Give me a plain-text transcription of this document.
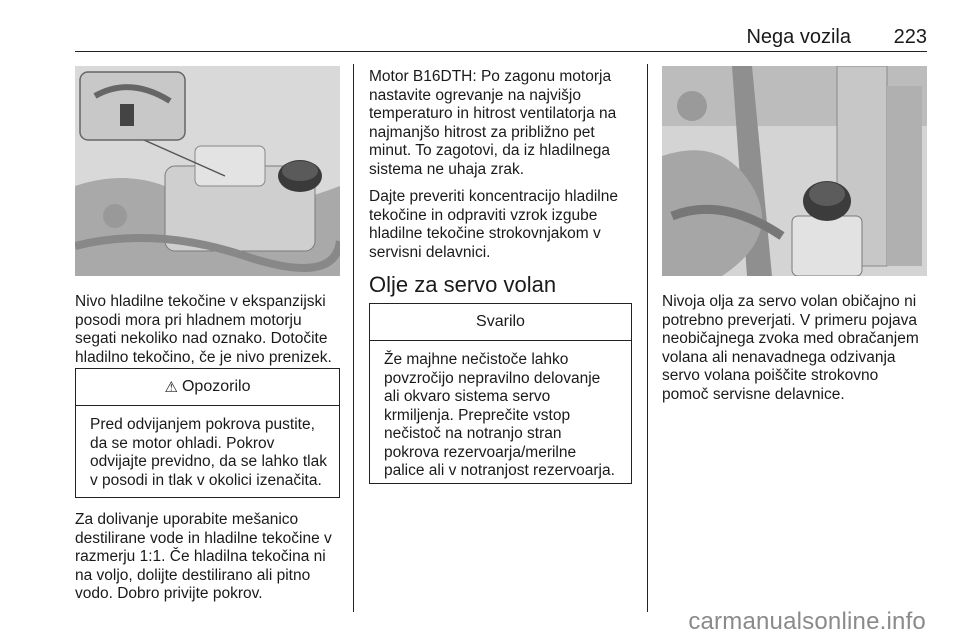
Nega vozila 223

Nivo hladilne tekočine v ekspanzijski posodi mora pri hladnem motorju segati nekoliko nad oznako. Dotočite hladilno tekočino, če je nivo prenizek.

⚠ Opozorilo
Pred odvijanjem pokrova pustite, da se motor ohladi. Pokrov odvijajte previdno, da se lahko tlak v posodi in tlak v okolici izenačita.

Za dolivanje uporabite mešanico destilirane vode in hladilne tekočine v razmerju 1:1. Če hladilna tekočina ni na voljo, dolijte destilirano ali pitno vodo. Dobro privijte pokrov.

Motor B16DTH: Po zagonu motorja nastavite ogrevanje na najvišjo temperaturo in hitrost ventilatorja na najmanjšo hitrost za približno pet minut. To zagotovi, da iz hladilnega sistema ne uhaja zrak.

Dajte preveriti koncentracijo hladilne tekočine in odpraviti vzrok izgube hladilne tekočine strokovnjakom v servisni delavnici.

Olje za servo volan
Svarilo
Že majhne nečistoče lahko povzročijo nepravilno delovanje ali okvaro sistema servo krmiljenja. Preprečite vstop nečistoč na notranjo stran pokrova rezervoarja/merilne palice ali v notranjost rezervoarja.

Nivoja olja za servo volan običajno ni potrebno preverjati. V primeru pojava neobičajnega zvoka med obračanjem volana ali nenavadnega odzivanja servo volana poiščite strokovno pomoč servisne delavnice.

carmanualsonline.info
